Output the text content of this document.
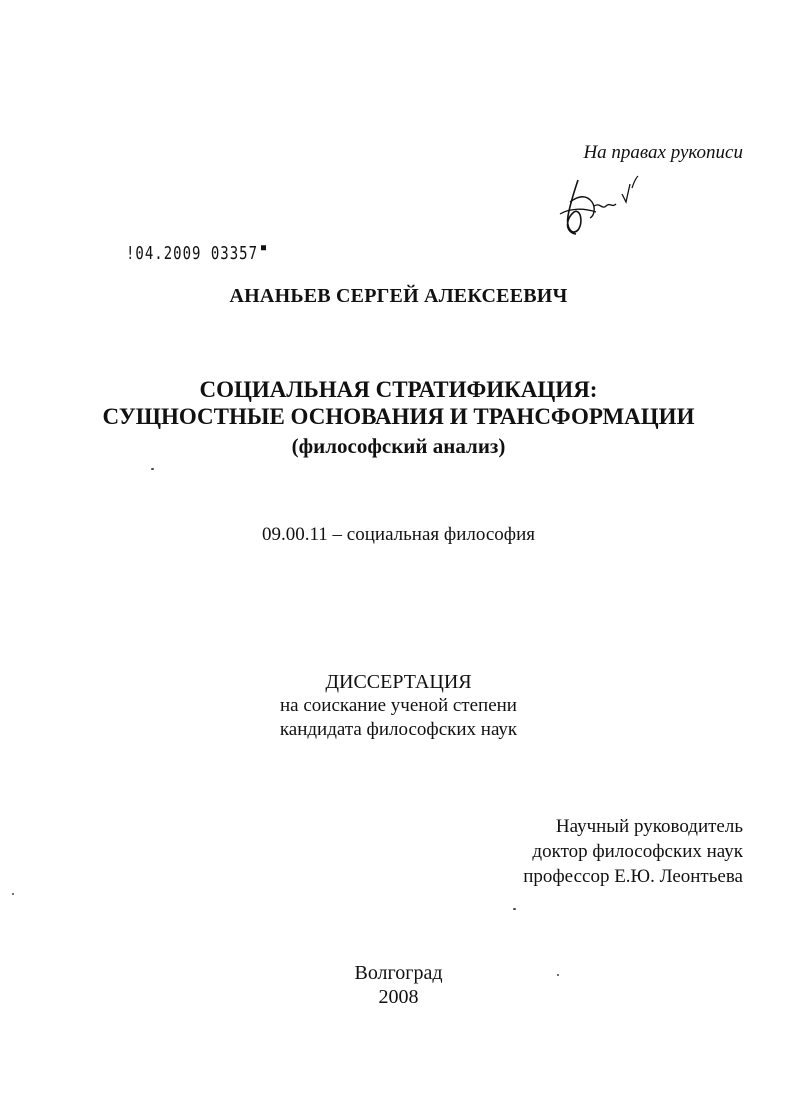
На правах рукописи
!04.2009 03357
АНАНЬЕВ СЕРГЕЙ АЛЕКСЕЕВИЧ
СОЦИАЛЬНАЯ СТРАТИФИКАЦИЯ:
СУЩНОСТНЫЕ ОСНОВАНИЯ И ТРАНСФОРМАЦИИ
(философский анализ)
09.00.11 – социальная философия
ДИССЕРТАЦИЯ
на соискание ученой степени
кандидата философских наук
Научный руководитель
доктор философских наук
профессор Е.Ю. Леонтьева
Волгоград
2008
